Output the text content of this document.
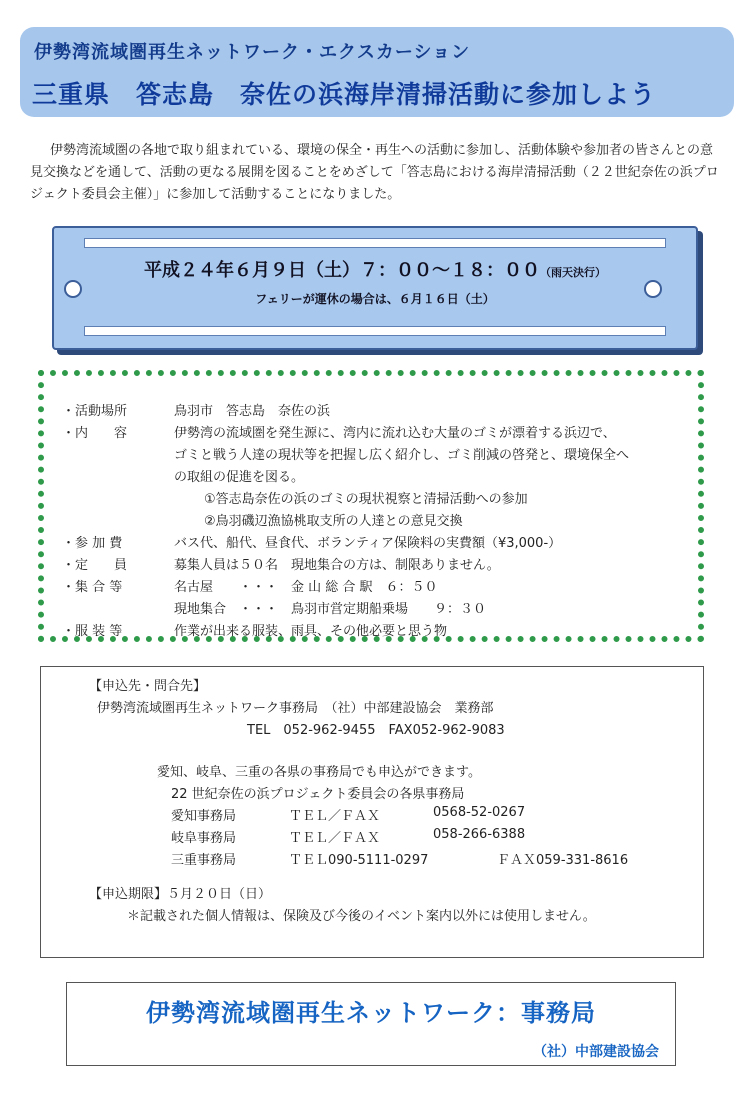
伊勢湾流域圏再生ネットワーク・エクスカーション
三重県　答志島　奈佐の浜海岸清掃活動に参加しよう
伊勢湾流域圏の各地で取り組まれている、環境の保全・再生への活動に参加し、活動体験や参加者の皆さんとの意見交換などを通して、活動の更なる展開を図ることをめざして「答志島における海岸清掃活動（２２世紀奈佐の浜プロジェクト委員会主催）」に参加して活動することになりました。
平成２４年６月９日（土）７：００～１８：００（雨天決行）
フェリーが運休の場合は、６月１６日（土）
・活動場所	鳥羽市　答志島　奈佐の浜
・内　　容	伊勢湾の流域圏を発生源に、湾内に流れ込む大量のゴミが漂着する浜辺で、
ゴミと戦う人達の現状等を把握し広く紹介し、ゴミ削減の啓発と、環境保全へ
の取組の促進を図る。
①答志島奈佐の浜のゴミの現状視察と清掃活動への参加
②鳥羽磯辺漁協桃取支所の人達との意見交換
・参 加 費	バス代、船代、昼食代、ボランティア保険料の実費額（¥3,000-）
・定　　員	募集人員は５０名　現地集合の方は、制限ありません。
・集 合 等	名古屋　　・・・　金 山 総 合 駅　６：５０
現地集合　・・・　鳥羽市営定期船乗場　　９：３０
・服 装 等	作業が出来る服装、雨具、その他必要と思う物
【申込先・問合先】
伊勢湾流域圏再生ネットワーク事務局　（社）中部建設協会　業務部
TEL　052-962-9455　FAX052-962-9083
愛知、岐阜、三重の各県の事務局でも申込ができます。
22 世紀奈佐の浜プロジェクト委員会の各県事務局
愛知事務局	ＴＥＬ／ＦＡＸ	0568-52-0267
岐阜事務局	ＴＥＬ／ＦＡＸ	058-266-6388
三重事務局	ＴＥＬ090-5111-0297	ＦＡＸ059-331-8616
【申込期限】５月２０日（日）
＊記載された個人情報は、保険及び今後のイベント案内以外には使用しません。
伊勢湾流域圏再生ネットワーク：事務局
（社）中部建設協会
